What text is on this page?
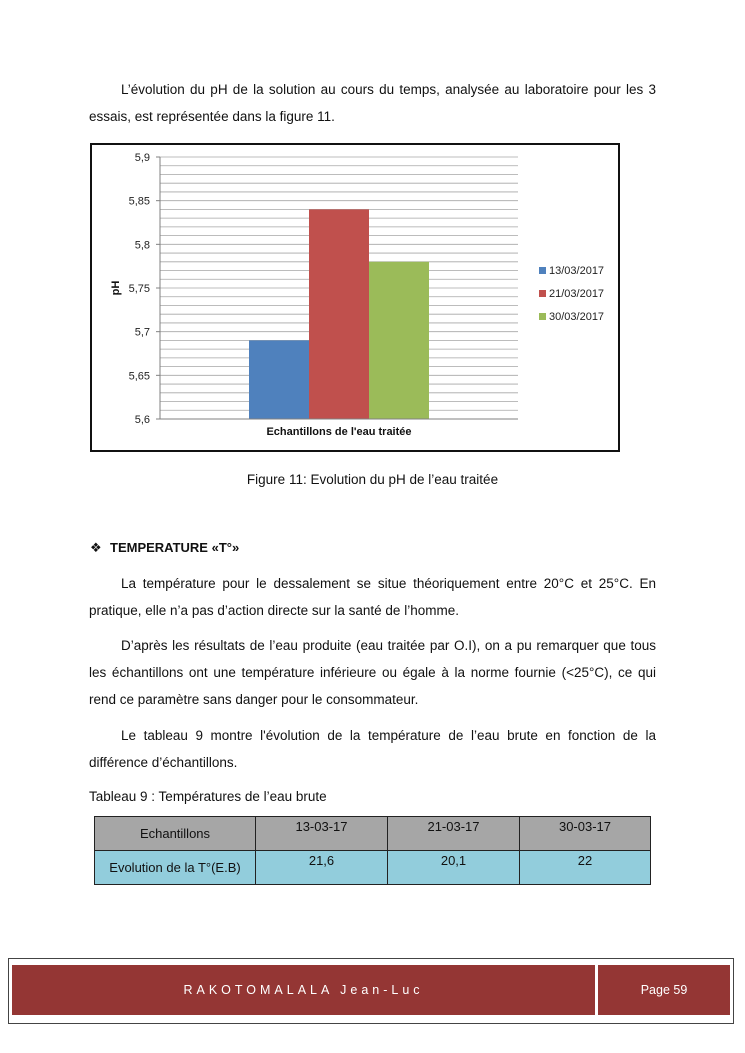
L’évolution du pH de la solution au cours du temps, analysée au laboratoire pour les 3 essais, est représentée dans la figure 11.

5,6
5,65
5,7
5,75
5,8
5,85
5,9
Echantillons de l'eau traitée
pH
13/03/2017
21/03/2017
30/03/2017
Figure 11: Evolution du pH de l’eau traitée
❖ TEMPERATURE «T°»

La température pour le dessalement se situe théoriquement entre 20°C et 25°C. En pratique, elle n’a pas d’action directe sur la santé de l’homme.

D’après les résultats de l’eau produite (eau traitée par O.I), on a pu remarquer que tous les échantillons ont une température inférieure ou égale à la norme fournie (<25°C), ce qui rend ce paramètre sans danger pour le consommateur.

Le tableau 9 montre l'évolution de la température de l’eau brute en fonction de la différence d’échantillons.

Tableau 9 : Températures de l’eau brute
Echantillons	13-03-17	21-03-17	30-03-17
Evolution de la T°(E.B)	21,6	20,1	22
RAKOTOMALALA Jean-Luc	Page 59
